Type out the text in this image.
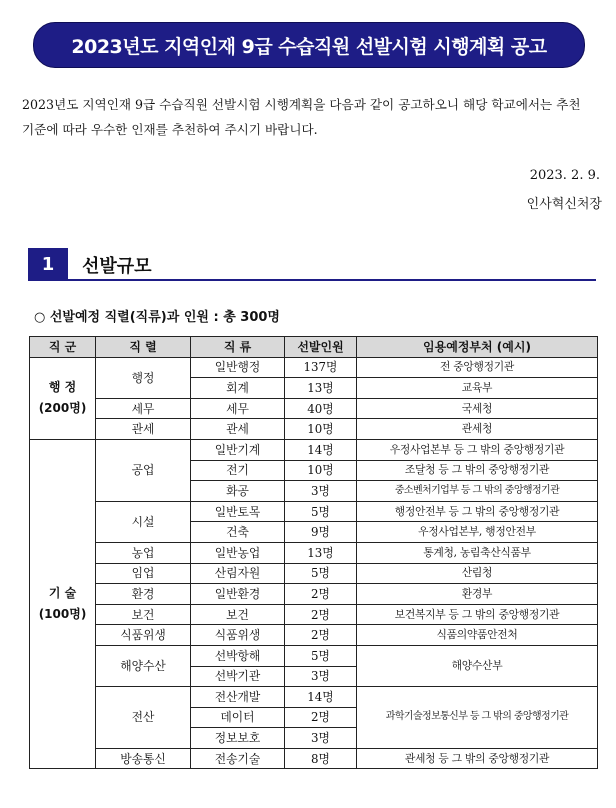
2023년도 지역인재 9급 수습직원 선발시험 시행계획 공고
2023년도 지역인재 9급 수습직원 선발시험 시행계획을 다음과 같이 공고하오니 해당 학교에서는 추천기준에 따라 우수한 인재를 추천하여 주시기 바랍니다.
2023. 2. 9.
인사혁신처장
1	선발규모
○ 선발예정 직렬(직류)과 인원 : 총 300명
직 군	직 렬	직 류	선발인원	임용예정부처 (예시)

행 정
(200명)	행정	일반행정	137명	전 중앙행정기관
		회계	13명	교육부
	세무	세무	40명	국세청
	관세	관세	10명	관세청

기 술
(100명)	공업	일반기계	14명	우정사업본부 등 그 밖의 중앙행정기관
		전기	10명	조달청 등 그 밖의 중앙행정기관
		화공	3명	중소벤처기업부 등 그 밖의 중앙행정기관
	시설	일반토목	5명	행정안전부 등 그 밖의 중앙행정기관
		건축	9명	우정사업본부, 행정안전부
	농업	일반농업	13명	통계청, 농림축산식품부
	임업	산림자원	5명	산림청
	환경	일반환경	2명	환경부
	보건	보건	2명	보건복지부 등 그 밖의 중앙행정기관
	식품위생	식품위생	2명	식품의약품안전처
	해양수산	선박항해	5명	해양수산부
		선박기관	3명	
	전산	전산개발	14명	과학기술정보통신부 등 그 밖의 중앙행정기관
		데이터	2명	
		정보보호	3명	
	방송통신	전송기술	8명	관세청 등 그 밖의 중앙행정기관
